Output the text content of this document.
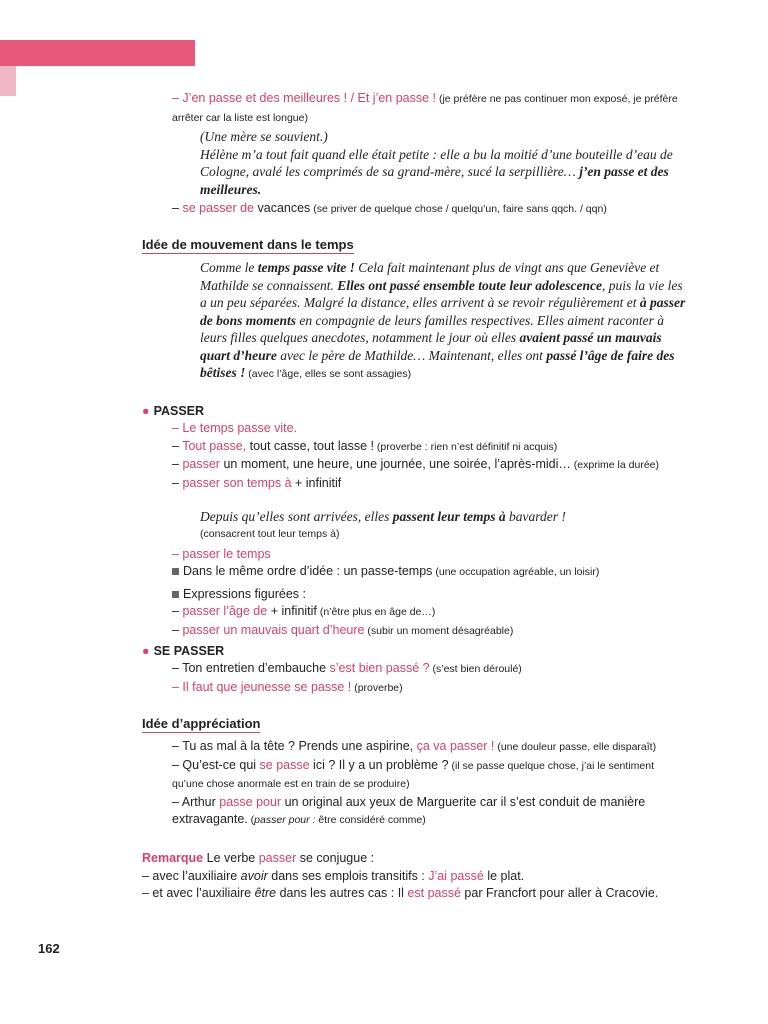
– J’en passe et des meilleures ! / Et j’en passe ! (je préfère ne pas continuer mon exposé, je préfère arrêter car la liste est longue)
(Une mère se souvient.)
Hélène m’a tout fait quand elle était petite : elle a bu la moitié d’une bouteille d’eau de Cologne, avalé les comprimés de sa grand-mère, sucé la serpillière… j’en passe et des meilleures.
– se passer de vacances (se priver de quelque chose / quelqu’un, faire sans qqch. / qqn)
Idée de mouvement dans le temps
Comme le temps passe vite ! Cela fait maintenant plus de vingt ans que Geneviève et Mathilde se connaissent. Elles ont passé ensemble toute leur adolescence, puis la vie les a un peu séparées. Malgré la distance, elles arrivent à se revoir régulièrement et à passer de bons moments en compagnie de leurs familles respectives. Elles aiment raconter à leurs filles quelques anecdotes, notamment le jour où elles avaient passé un mauvais quart d’heure avec le père de Mathilde… Maintenant, elles ont passé l’âge de faire des bêtises ! (avec l’âge, elles se sont assagies)
● PASSER
– Le temps passe vite.
– Tout passe, tout casse, tout lasse ! (proverbe : rien n’est définitif ni acquis)
– passer un moment, une heure, une journée, une soirée, l’après-midi… (exprime la durée)
– passer son temps à + infinitif
Depuis qu’elles sont arrivées, elles passent leur temps à bavarder !
(consacrent tout leur temps à)
– passer le temps
Dans le même ordre d’idée : un passe-temps (une occupation agréable, un loisir)
Expressions figurées :
– passer l’âge de + infinitif (n’être plus en âge de…)
– passer un mauvais quart d’heure (subir un moment désagréable)
● SE PASSER
– Ton entretien d’embauche s’est bien passé ? (s’est bien déroulé)
– Il faut que jeunesse se passe ! (proverbe)
Idée d’appréciation
– Tu as mal à la tête ? Prends une aspirine, ça va passer ! (une douleur passe, elle disparaît)
– Qu’est-ce qui se passe ici ? Il y a un problème ? (il se passe quelque chose, j’ai le sentiment qu’une chose anormale est en train de se produire)
– Arthur passe pour un original aux yeux de Marguerite car il s’est conduit de manière extravagante. (passer pour : être considéré comme)
Remarque Le verbe passer se conjugue :
– avec l’auxiliaire avoir dans ses emplois transitifs : J’ai passé le plat.
– et avec l’auxiliaire être dans les autres cas : Il est passé par Francfort pour aller à Cracovie.
162
